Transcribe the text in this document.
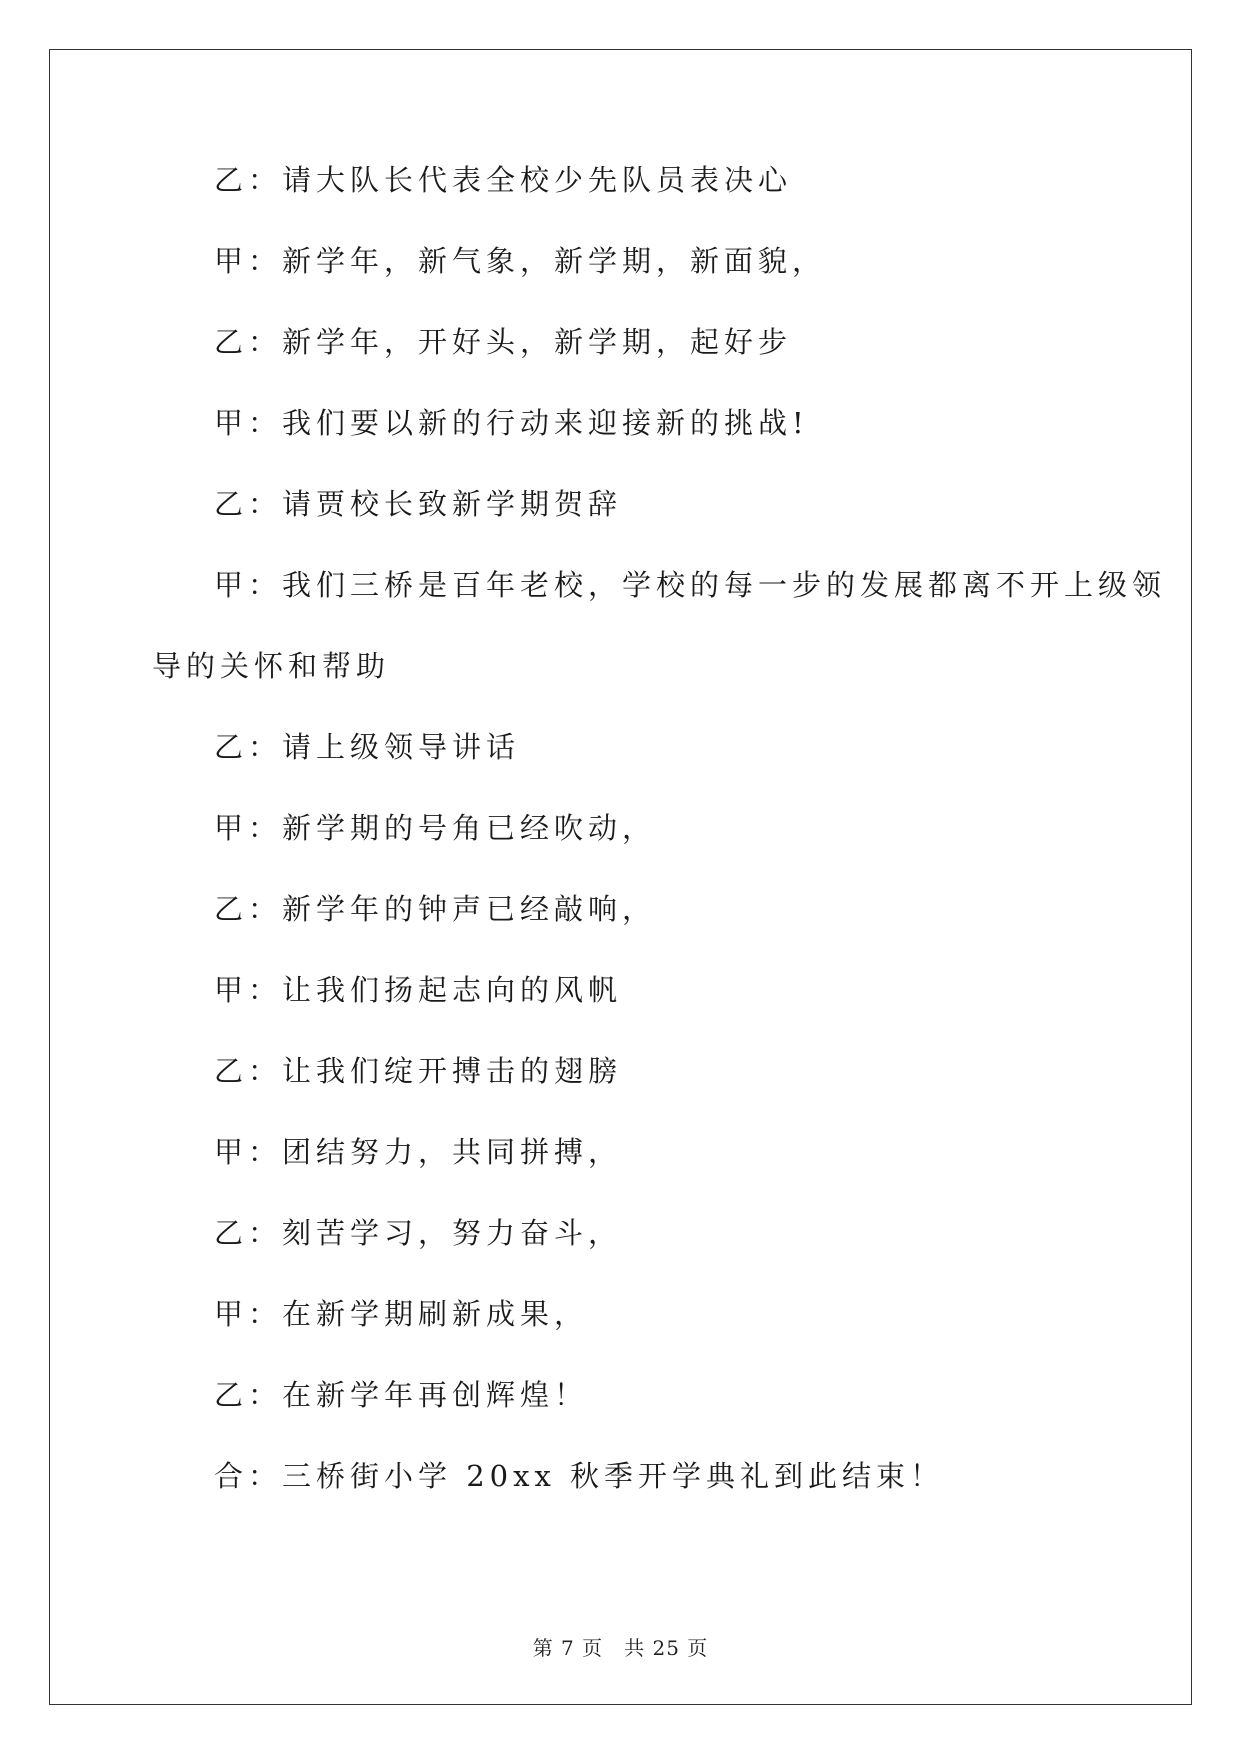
乙：请大队长代表全校少先队员表决心
甲：新学年，新气象，新学期，新面貌，
乙：新学年，开好头，新学期，起好步
甲：我们要以新的行动来迎接新的挑战!
乙：请贾校长致新学期贺辞
甲：我们三桥是百年老校，学校的每一步的发展都离不开上级领
导的关怀和帮助
乙：请上级领导讲话
甲：新学期的号角已经吹动，
乙：新学年的钟声已经敲响，
甲：让我们扬起志向的风帆
乙：让我们绽开搏击的翅膀
甲：团结努力，共同拼搏，
乙：刻苦学习，努力奋斗，
甲：在新学期刷新成果，
乙：在新学年再创辉煌！
合：三桥街小学 20xx 秋季开学典礼到此结束！
第 7 页　共 25 页
